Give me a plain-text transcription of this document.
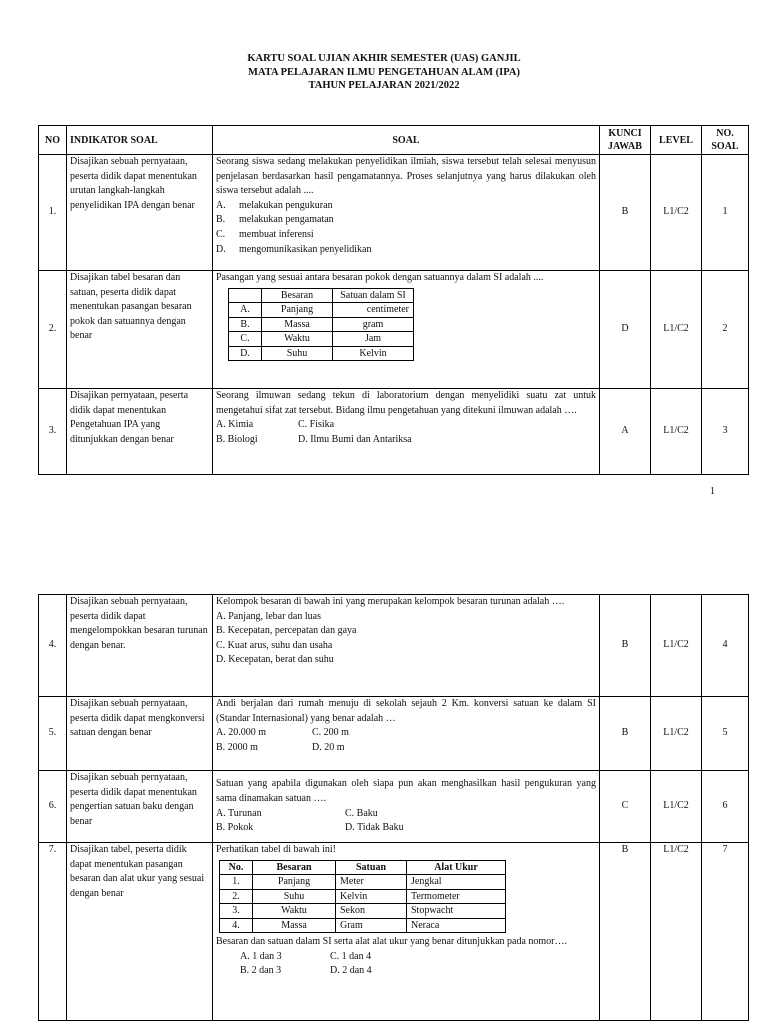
KARTU SOAL UJIAN AKHIR SEMESTER (UAS) GANJIL
MATA PELAJARAN ILMU PENGETAHUAN ALAM (IPA)
TAHUN PELAJARAN 2021/2022
NO	INDIKATOR SOAL	SOAL	KUNCI JAWAB	LEVEL	NO. SOAL
1.	Disajikan sebuah pernyataan, peserta didik dapat menentukan urutan langkah-langkah penyelidikan IPA dengan benar	
Seorang siswa sedang melakukan penyelidikan ilmiah, siswa tersebut telah selesai menyusun penjelasan berdasarkan hasil pengamatannya. Proses selanjutnya yang harus dilakukan oleh siswa tersebut adalah ....
A.	melakukan pengukuran
B.	melakukan pengamatan
C.	membuat inferensi
D.	mengomunikasikan penyelidikan
	B	L1/C2	1
2.	Disajikan tabel besaran dan satuan, peserta didik dapat menentukan pasangan besaran pokok dan satuannya dengan benar	
Pasangan yang sesuai antara besaran pokok dengan satuannya dalam SI adalah ....
	Besaran	Satuan dalam SI
A.	Panjang	centimeter
B.	Massa	gram
C.	Waktu	Jam
D.	Suhu	Kelvin
	D	L1/C2	2
3.	Disajikan pernyataan, peserta didik dapat menentukan Pengetahuan IPA yang ditunjukkan dengan benar	
Seorang ilmuwan sedang tekun di laboratorium dengan menyelidiki suatu zat untuk mengetahui sifat zat tersebut. Bidang ilmu pengetahuan yang ditekuni ilmuwan adalah ….
A. Kimia	C. Fisika
B. Biologi	D. Ilmu Bumi dan Antariksa
	A	L1/C2	3
1
4.	Disajikan sebuah pernyataan, peserta didik dapat mengelompokkan besaran turunan dengan benar.	
Kelompok besaran di bawah ini yang merupakan kelompok besaran turunan adalah ….
A. Panjang, lebar dan luas
B. Kecepatan, percepatan dan gaya
C. Kuat arus, suhu dan usaha
D. Kecepatan, berat dan suhu
	B	L1/C2	4
5.	Disajikan sebuah pernyataan, peserta didik dapat mengkonversi satuan dengan benar	
Andi berjalan dari rumah menuju di sekolah sejauh 2 Km. konversi satuan ke dalam SI (Standar Internasional) yang benar adalah …
A. 20.000 m	C. 200 m
B. 2000 m	D. 20 m
	B	L1/C2	5
6.	Disajikan sebuah pernyataan, peserta didik dapat menentukan pengertian satuan baku dengan benar	
Satuan yang apabila digunakan oleh siapa pun akan menghasilkan hasil pengukuran yang sama dinamakan satuan ….
A. Turunan	C. Baku
B. Pokok	D. Tidak Baku
	C	L1/C2	6
7.	Disajikan tabel, peserta didik dapat menentukan pasangan besaran dan alat ukur yang sesuai dengan benar	
Perhatikan tabel di bawah ini!
No.	Besaran	Satuan	Alat Ukur
1.	Panjang	Meter	Jengkal
2.	Suhu	Kelvin	Termometer
3.	Waktu	Sekon	Stopwacht
4.	Massa	Gram	Neraca
Besaran dan satuan dalam SI serta alat alat ukur yang benar ditunjukkan pada nomor….
A. 1 dan 3	C. 1 dan 4
B. 2 dan 3	D. 2 dan 4
	B	L1/C2	7
